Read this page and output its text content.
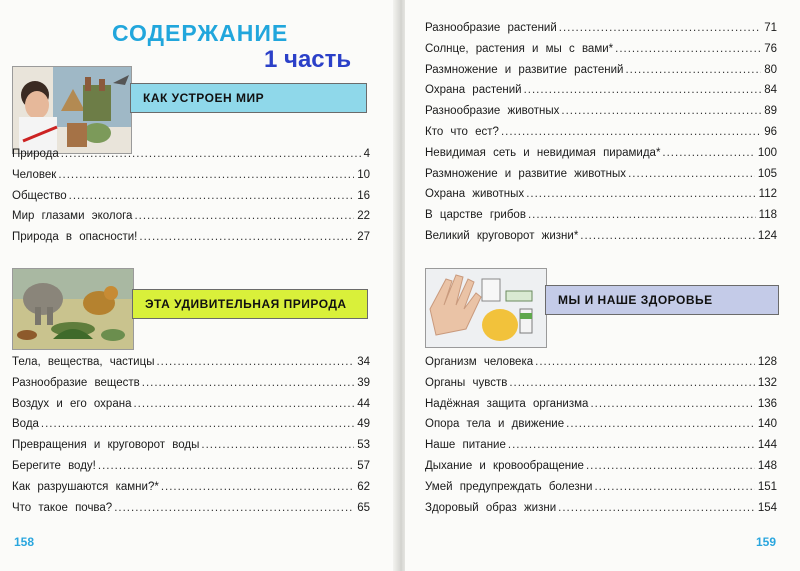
СОДЕРЖАНИЕ
1 часть
КАК УСТРОЕН МИР
Природа .....	4
Человек .....	10
Общество .....	16
Мир глазами эколога .....	22
Природа в опасности! .....	27
ЭТА УДИВИТЕЛЬНАЯ ПРИРОДА
Тела, вещества, частицы .....	34
Разнообразие веществ .....	39
Воздух и его охрана .....	44
Вода .....	49
Превращения и круговорот воды .....	53
Берегите воду! .....	57
Как разрушаются камни?* .....	62
Что такое почва? .....	65
158
Разнообразие растений .....	71
Солнце, растения и мы с вами* .....	76
Размножение и развитие растений .....	80
Охрана растений .....	84
Разнообразие животных .....	89
Кто что ест? .....	96
Невидимая сеть и невидимая пирамида* .....	100
Размножение и развитие животных .....	105
Охрана животных .....	112
В царстве грибов .....	118
Великий круговорот жизни* .....	124
МЫ И НАШЕ ЗДОРОВЬЕ
Организм человека .....	128
Органы чувств .....	132
Надёжная защита организма .....	136
Опора тела и движение .....	140
Наше питание .....	144
Дыхание и кровообращение .....	148
Умей предупреждать болезни .....	151
Здоровый образ жизни .....	154
159
